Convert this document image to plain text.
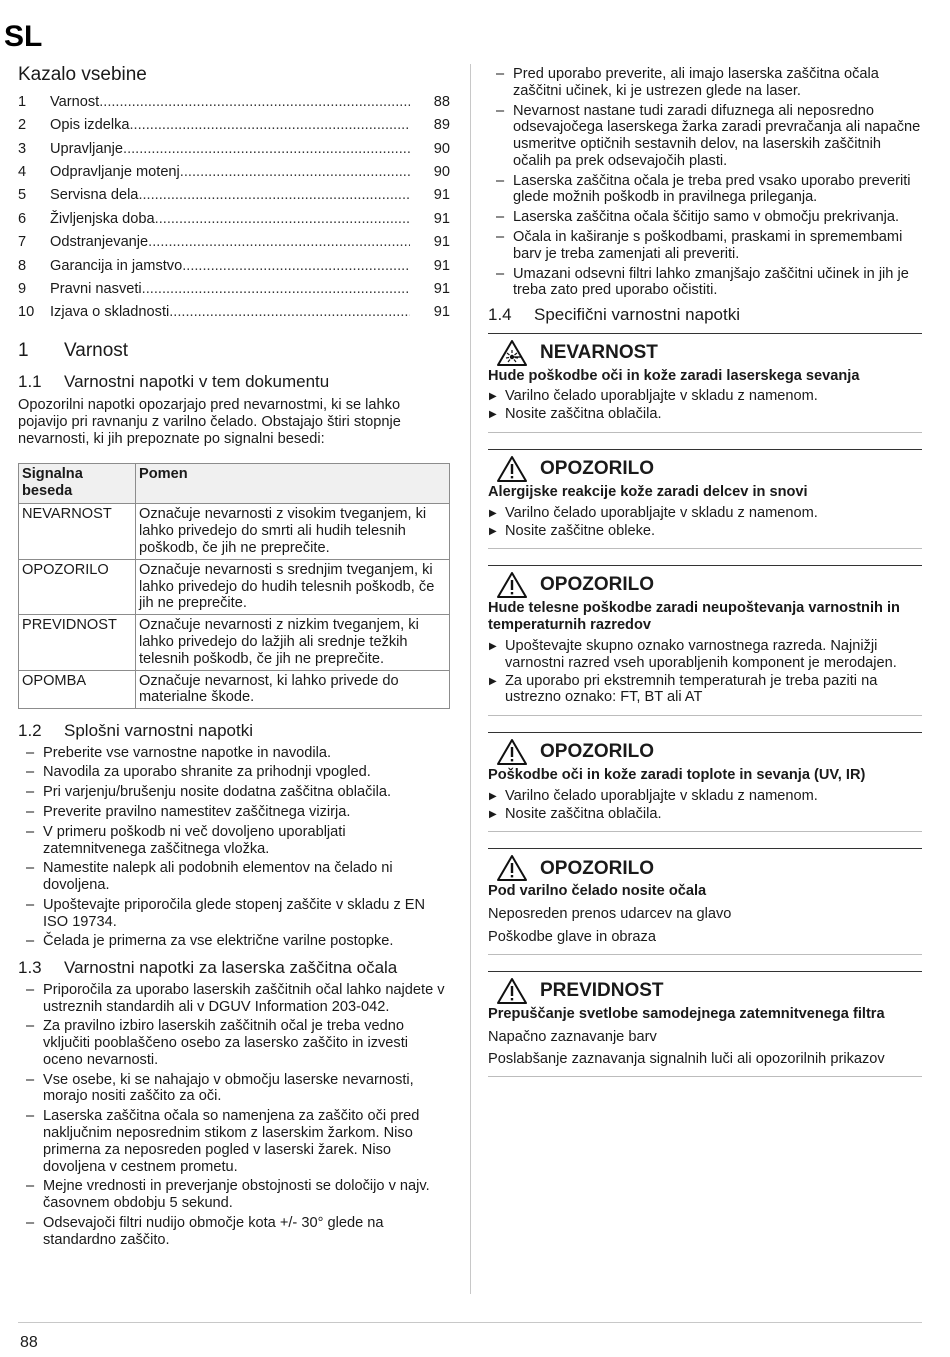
SL
Kazalo vsebine
1	Varnost .....	88
2	Opis izdelka .....	89
3	Upravljanje .....	90
4	Odpravljanje motenj .....	90
5	Servisna dela .....	91
6	Življenjska doba .....	91
7	Odstranjevanje .....	91
8	Garancija in jamstvo .....	91
9	Pravni nasveti .....	91
10	Izjava o skladnosti .....	91
1	Varnost
1.1	Varnostni napotki v tem dokumentu

Opozorilni napotki opozarjajo pred nevarnostmi, ki se lahko pojavijo pri ravnanju z varilno čelado. Obstajajo štiri stopnje nevarnosti, ki jih prepoznate po signalni besedi:

Signalna beseda	Pomen
NEVARNOST	Označuje nevarnosti z visokim tveganjem, ki lahko privedejo do smrti ali hudih telesnih poškodb, če jih ne preprečite.
OPOZORILO	Označuje nevarnosti s srednjim tveganjem, ki lahko privedejo do hudih telesnih poškodb, če jih ne preprečite.
PREVIDNOST	Označuje nevarnosti z nizkim tveganjem, ki lahko privedejo do lažjih ali srednje težkih telesnih poškodb, če jih ne preprečite.
OPOMBA	Označuje nevarnost, ki lahko privede do materialne škode.
1.2	Splošni varnostni napotki
– Preberite vse varnostne napotke in navodila.
– Navodila za uporabo shranite za prihodnji vpogled.
– Pri varjenju/brušenju nosite dodatna zaščitna oblačila.
– Preverite pravilno namestitev zaščitnega vizirja.
– V primeru poškodb ni več dovoljeno uporabljati zatemnitvenega zaščitnega vložka.
– Namestite nalepk ali podobnih elementov na čelado ni dovoljena.
– Upoštevajte priporočila glede stopenj zaščite v skladu z EN ISO 19734.
– Čelada je primerna za vse električne varilne postopke.
1.3	Varnostni napotki za laserska zaščitna očala
– Priporočila za uporabo laserskih zaščitnih očal lahko najdete v ustreznih standardih ali v DGUV Information 203-042.
– Za pravilno izbiro laserskih zaščitnih očal je treba vedno vključiti pooblaščeno osebo za lasersko zaščito in izvesti oceno nevarnosti.
– Vse osebe, ki se nahajajo v območju laserske nevarnosti, morajo nositi zaščito za oči.
– Laserska zaščitna očala so namenjena za zaščito oči pred naključnim neposrednim stikom z laserskim žarkom. Niso primerna za neposreden pogled v laserski žarek. Niso dovoljena v cestnem prometu.
– Mejne vrednosti in preverjanje obstojnosti se določijo v najv. časovnem obdobju 5 sekund.
– Odsevajoči filtri nudijo območje kota +/- 30° glede na standardno zaščito.
– Pred uporabo preverite, ali imajo laserska zaščitna očala zaščitni učinek, ki je ustrezen glede na laser.
– Nevarnost nastane tudi zaradi difuznega ali neposredno odsevajočega laserskega žarka zaradi prevračanja ali napačne usmeritve optičnih sestavnih delov, na laserskih zaščitnih očalih pa prek odsevajočih plasti.
– Laserska zaščitna očala je treba pred vsako uporabo preveriti glede možnih poškodb in pravilnega prileganja.
– Laserska zaščitna očala ščitijo samo v območju prekrivanja.
– Očala in kaširanje s poškodbami, praskami in spremembami barv je treba zamenjati ali preveriti.
– Umazani odsevni filtri lahko zmanjšajo zaščitni učinek in jih je treba zato pred uporabo očistiti.
1.4	Specifični varnostni napotki
NEVARNOST
Hude poškodbe oči in kože zaradi laserskega sevanja
▶ Varilno čelado uporabljajte v skladu z namenom.
▶ Nosite zaščitna oblačila.
OPOZORILO
Alergijske reakcije kože zaradi delcev in snovi
▶ Varilno čelado uporabljajte v skladu z namenom.
▶ Nosite zaščitne obleke.
OPOZORILO
Hude telesne poškodbe zaradi neupoštevanja varnostnih in temperaturnih razredov
▶ Upoštevajte skupno oznako varnostnega razreda. Najnižji varnostni razred vseh uporabljenih komponent je merodajen.
▶ Za uporabo pri ekstremnih temperaturah je treba paziti na ustrezno oznako: FT, BT ali AT
OPOZORILO
Poškodbe oči in kože zaradi toplote in sevanja (UV, IR)
▶ Varilno čelado uporabljajte v skladu z namenom.
▶ Nosite zaščitna oblačila.
OPOZORILO
Pod varilno čelado nosite očala
Neposreden prenos udarcev na glavo
Poškodbe glave in obraza
PREVIDNOST
Prepuščanje svetlobe samodejnega zatemnitvenega filtra
Napačno zaznavanje barv
Poslabšanje zaznavanja signalnih luči ali opozorilnih prikazov
88
